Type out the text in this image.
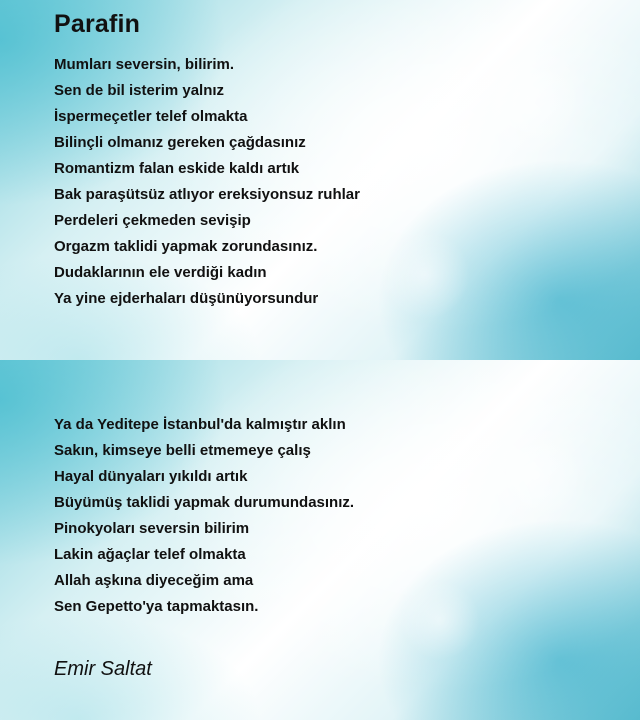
Parafin
Mumları seversin, bilirim.
Sen de bil isterim yalnız
İspermeçetler telef olmakta
Bilinçli olmanız gereken çağdasınız
Romantizm falan eskide kaldı artık
Bak paraşütsüz atlıyor ereksiyonsuz ruhlar
Perdeleri çekmeden sevişip
Orgazm taklidi yapmak zorundasınız.
Dudaklarının ele verdiği kadın
Ya yine ejderhaları düşünüyorsundur
Ya da Yeditepe İstanbul'da kalmıştır aklın
Sakın, kimseye belli etmemeye çalış
Hayal dünyaları yıkıldı artık
Büyümüş taklidi yapmak durumundasınız.
Pinokyoları seversin bilirim
Lakin ağaçlar telef olmakta
Allah aşkına diyeceğim ama
Sen Gepetto'ya tapmaktasın.
Emir Saltat
